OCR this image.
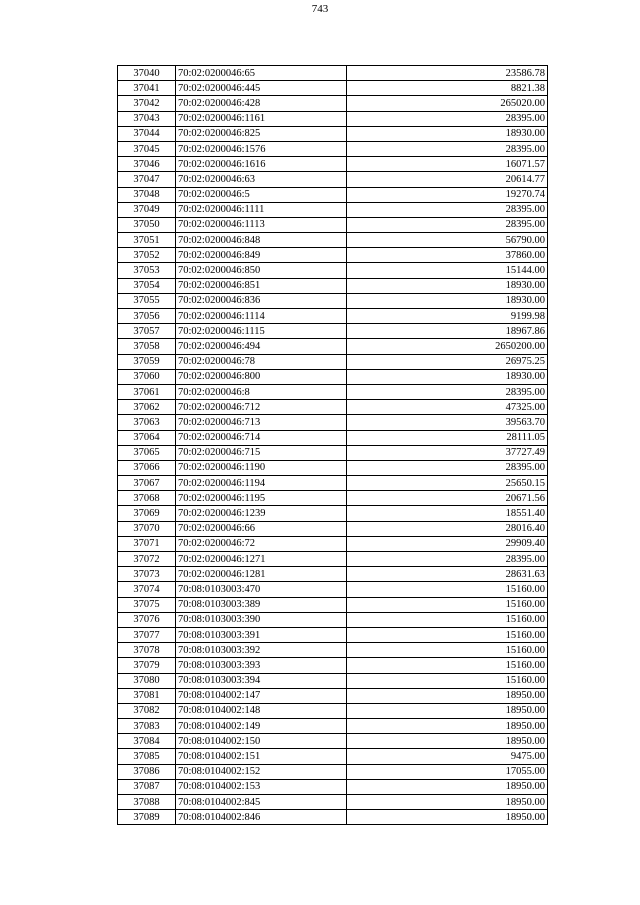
743
37040	70:02:0200046:65	23586.78
37041	70:02:0200046:445	8821.38
37042	70:02:0200046:428	265020.00
37043	70:02:0200046:1161	28395.00
37044	70:02:0200046:825	18930.00
37045	70:02:0200046:1576	28395.00
37046	70:02:0200046:1616	16071.57
37047	70:02:0200046:63	20614.77
37048	70:02:0200046:5	19270.74
37049	70:02:0200046:1111	28395.00
37050	70:02:0200046:1113	28395.00
37051	70:02:0200046:848	56790.00
37052	70:02:0200046:849	37860.00
37053	70:02:0200046:850	15144.00
37054	70:02:0200046:851	18930.00
37055	70:02:0200046:836	18930.00
37056	70:02:0200046:1114	9199.98
37057	70:02:0200046:1115	18967.86
37058	70:02:0200046:494	2650200.00
37059	70:02:0200046:78	26975.25
37060	70:02:0200046:800	18930.00
37061	70:02:0200046:8	28395.00
37062	70:02:0200046:712	47325.00
37063	70:02:0200046:713	39563.70
37064	70:02:0200046:714	28111.05
37065	70:02:0200046:715	37727.49
37066	70:02:0200046:1190	28395.00
37067	70:02:0200046:1194	25650.15
37068	70:02:0200046:1195	20671.56
37069	70:02:0200046:1239	18551.40
37070	70:02:0200046:66	28016.40
37071	70:02:0200046:72	29909.40
37072	70:02:0200046:1271	28395.00
37073	70:02:0200046:1281	28631.63
37074	70:08:0103003:470	15160.00
37075	70:08:0103003:389	15160.00
37076	70:08:0103003:390	15160.00
37077	70:08:0103003:391	15160.00
37078	70:08:0103003:392	15160.00
37079	70:08:0103003:393	15160.00
37080	70:08:0103003:394	15160.00
37081	70:08:0104002:147	18950.00
37082	70:08:0104002:148	18950.00
37083	70:08:0104002:149	18950.00
37084	70:08:0104002:150	18950.00
37085	70:08:0104002:151	9475.00
37086	70:08:0104002:152	17055.00
37087	70:08:0104002:153	18950.00
37088	70:08:0104002:845	18950.00
37089	70:08:0104002:846	18950.00
